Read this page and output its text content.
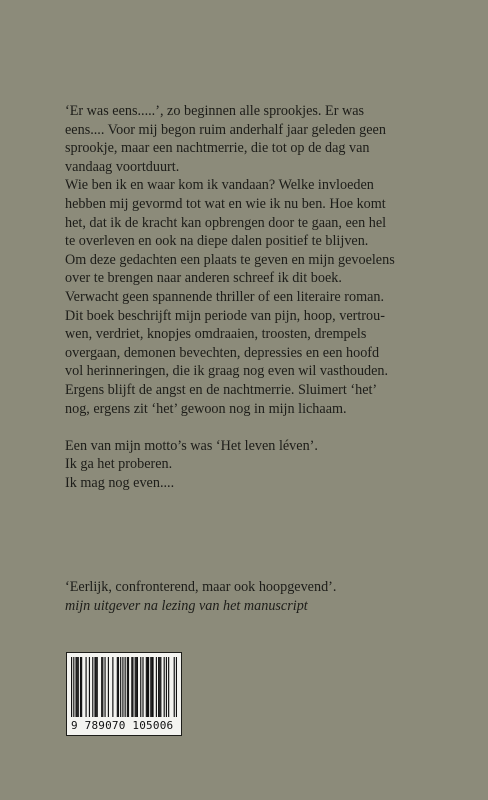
‘Er was eens.....’, zo beginnen alle sprookjes. Er was
eens.... Voor mij begon ruim anderhalf jaar geleden geen
sprookje, maar een nachtmerrie, die tot op de dag van
vandaag voortduurt.
Wie ben ik en waar kom ik vandaan? Welke invloeden
hebben mij gevormd tot wat en wie ik nu ben. Hoe komt
het, dat ik de kracht kan opbrengen door te gaan, een hel
te overleven en ook na diepe dalen positief te blijven.
Om deze gedachten een plaats te geven en mijn gevoelens
over te brengen naar anderen schreef ik dit boek.
Verwacht geen spannende thriller of een literaire roman.
Dit boek beschrijft mijn periode van pijn, hoop, vertrou-
wen, verdriet, knopjes omdraaien, troosten, drempels
overgaan, demonen bevechten, depressies en een hoofd
vol herinneringen, die ik graag nog even wil vasthouden.
Ergens blijft de angst en de nachtmerrie. Sluimert ‘het’
nog, ergens zit ‘het’ gewoon nog in mijn lichaam.
Een van mijn motto’s was ‘Het leven léven’.
Ik ga het proberen.
Ik mag nog even....
‘Eerlijk, confronterend, maar ook hoopgevend’.
mijn uitgever na lezing van het manuscript
9 789070 105006
